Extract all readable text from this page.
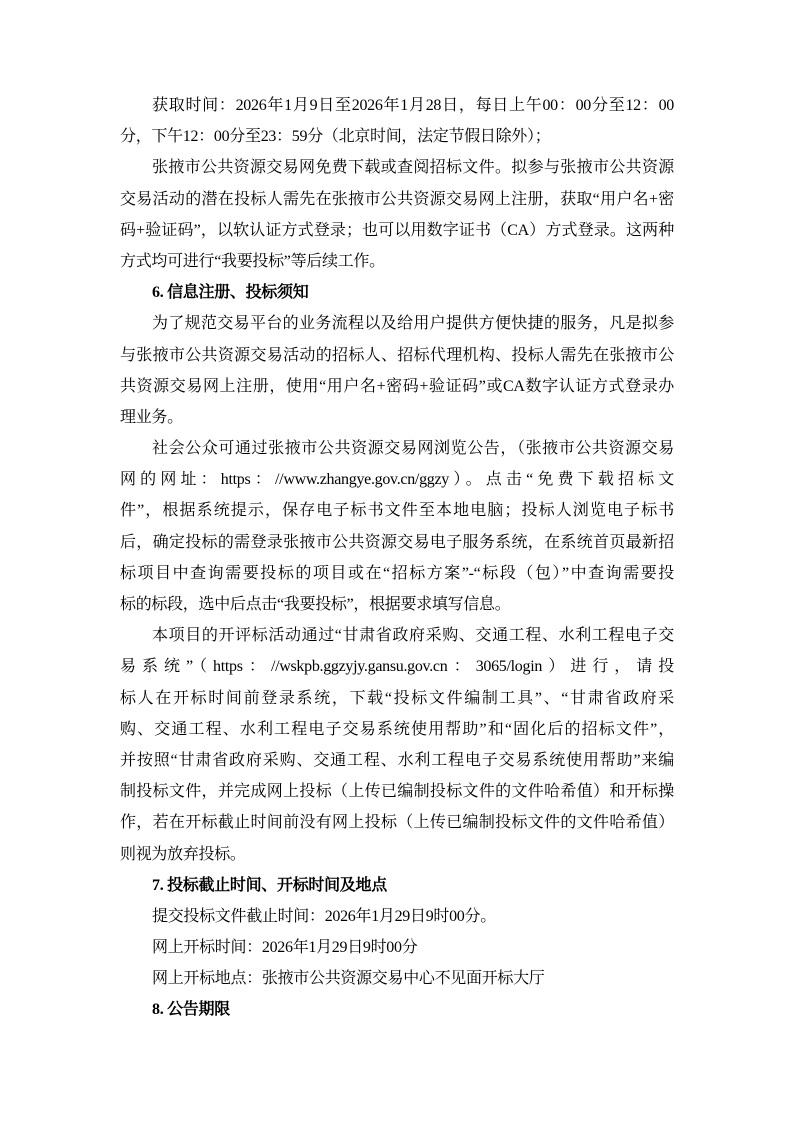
获取时间：2026年1月9日至2026年1月28日，每日上午00：00分至12：00
分，下午12：00分至23：59分（北京时间，法定节假日除外）；
张掖市公共资源交易网免费下载或查阅招标文件。拟参与张掖市公共资源
交易活动的潜在投标人需先在张掖市公共资源交易网上注册，获取“用户名+密
码+验证码”，以软认证方式登录；也可以用数字证书（CA）方式登录。这两种
方式均可进行“我要投标”等后续工作。
6. 信息注册、投标须知
为了规范交易平台的业务流程以及给用户提供方便快捷的服务，凡是拟参
与张掖市公共资源交易活动的招标人、招标代理机构、投标人需先在张掖市公
共资源交易网上注册，使用“用户名+密码+验证码”或CA数字认证方式登录办
理业务。
社会公众可通过张掖市公共资源交易网浏览公告，（张掖市公共资源交易
网的网址：https：//www.zhangye.gov.cn/ggzy）。点击“免费下载招标文
件”，根据系统提示，保存电子标书文件至本地电脑；投标人浏览电子标书
后，确定投标的需登录张掖市公共资源交易电子服务系统，在系统首页最新招
标项目中查询需要投标的项目或在“招标方案”-“标段（包）”中查询需要投
标的标段，选中后点击“我要投标”，根据要求填写信息。
本项目的开评标活动通过“甘肃省政府采购、交通工程、水利工程电子交
易系统”（https：//wskpb.ggzyjy.gansu.gov.cn：3065/login）进行，请投
标人在开标时间前登录系统，下载“投标文件编制工具”、“甘肃省政府采
购、交通工程、水利工程电子交易系统使用帮助”和“固化后的招标文件”，
并按照“甘肃省政府采购、交通工程、水利工程电子交易系统使用帮助”来编
制投标文件，并完成网上投标（上传已编制投标文件的文件哈希值）和开标操
作，若在开标截止时间前没有网上投标（上传已编制投标文件的文件哈希值）
则视为放弃投标。
7. 投标截止时间、开标时间及地点
提交投标文件截止时间：2026年1月29日9时00分。
网上开标时间：2026年1月29日9时00分
网上开标地点：张掖市公共资源交易中心不见面开标大厅
8. 公告期限
